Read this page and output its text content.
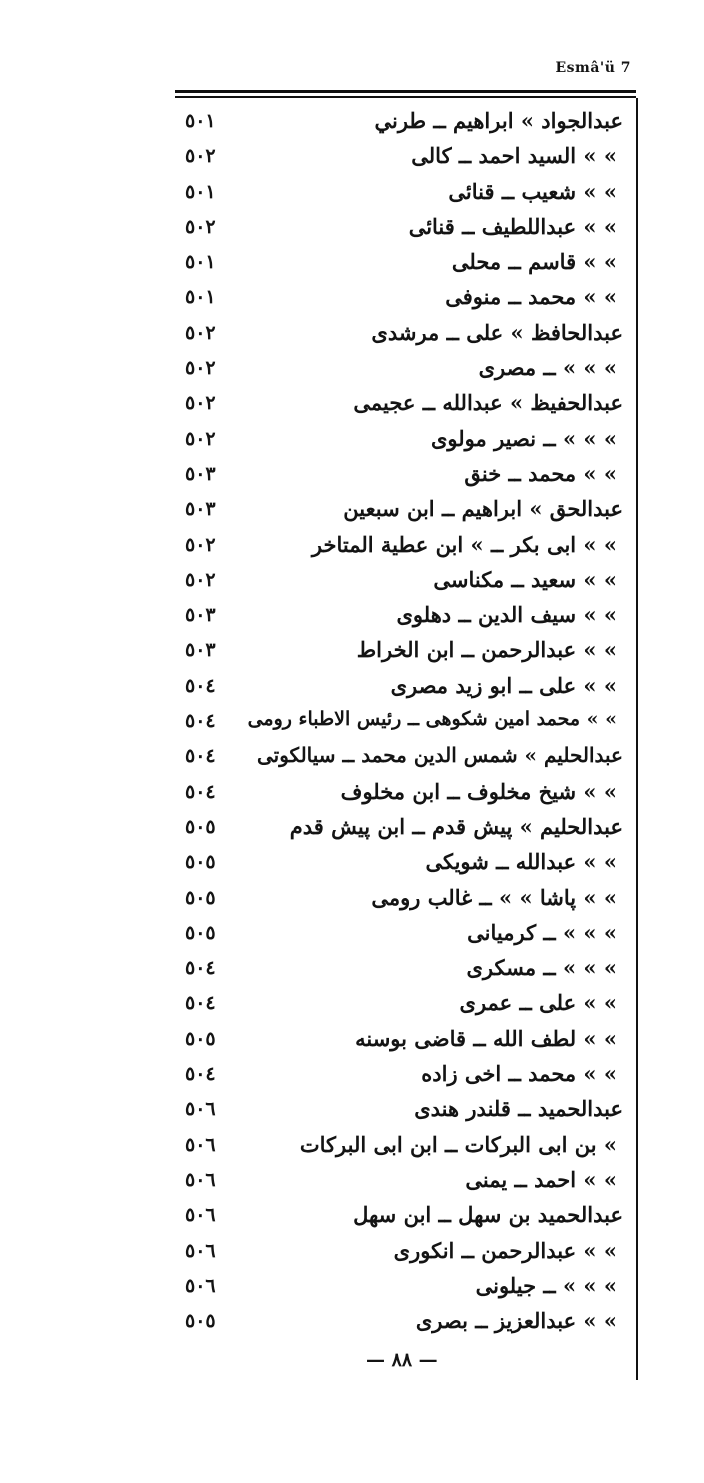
Esmâ'ü 7
٥٠١	عبدالجواد » ابراهيم ــ طرني
٥٠٢	» » السيد احمد ــ كالى
٥٠١	» » شعيب ــ قنائى
٥٠٢	» » عبداللطيف ــ قنائى
٥٠١	» » قاسم ــ محلى
٥٠١	» » محمد ــ منوفى
٥٠٢	عبدالحافظ » على ــ مرشدى
٥٠٢	» » » ــ مصرى
٥٠٢	عبدالحفيظ » عبدالله ــ عجيمى
٥٠٢	» » » ــ نصير مولوى
٥٠٣	» » محمد ــ خنق
٥٠٣	عبدالحق » ابراهيم ــ ابن سبعين
٥٠٢	» » ابى بكر ــ » ابن عطية المتاخر
٥٠٢	» » سعيد ــ مكناسى
٥٠٣	» » سيف الدين ــ دهلوى
٥٠٣	» » عبدالرحمن ــ ابن الخراط
٥٠٤	» » على ــ ابو زيد مصرى
٥٠٤ » » محمد امين شكوهى ــ رئيس الاطباء رومى
٥٠٤ عبدالحليم » شمس الدين محمد ــ سيالكوتى
٥٠٤	» » شيخ مخلوف ــ ابن مخلوف
٥٠٥	عبدالحليم » پيش قدم ــ ابن پيش قدم
٥٠٥	» » عبدالله ــ شويكى
٥٠٥	» » پاشا » » ــ غالب رومى
٥٠٥	» » » ــ كرميانى
٥٠٤	» » » ــ مسكرى
٥٠٤	» » على ــ عمرى
٥٠٥	» » لطف الله ــ قاضى بوسنه
٥٠٤	» » محمد ــ اخى زاده
٥٠٦	عبدالحميد ــ قلندر هندى
٥٠٦	» بن ابى البركات ــ ابن ابى البركات
٥٠٦	» » احمد ــ يمنى
٥٠٦	عبدالحميد بن سهل ــ ابن سهل
٥٠٦	» » عبدالرحمن ــ انكورى
٥٠٦	» » » ــ جيلونى
٥٠٥	» » عبدالعزيز ــ بصرى
— ٨٨ —
